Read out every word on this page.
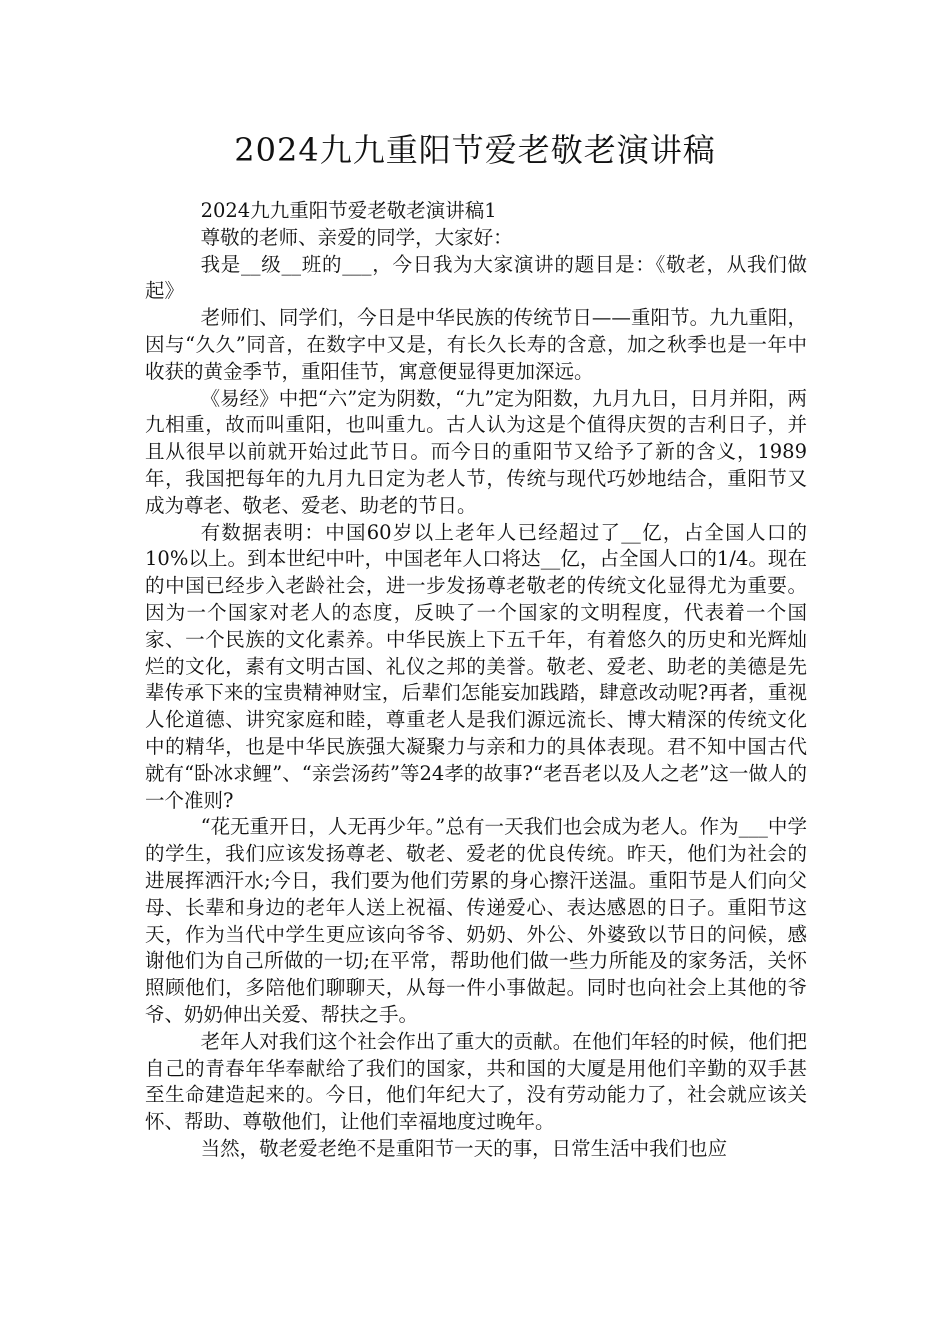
2024九九重阳节爱老敬老演讲稿

2024九九重阳节爱老敬老演讲稿1

尊敬的老师、亲爱的同学，大家好：

我是__级__班的___，今日我为大家演讲的题目是：《敬老，从我们做起》

老师们、同学们，今日是中华民族的传统节日——重阳节。九九重阳，因与“久久”同音，在数字中又是，有长久长寿的含意，加之秋季也是一年中收获的黄金季节，重阳佳节，寓意便显得更加深远。

《易经》中把“六”定为阴数，“九”定为阳数，九月九日，日月并阳，两九相重，故而叫重阳，也叫重九。古人认为这是个值得庆贺的吉利日子，并且从很早以前就开始过此节日。而今日的重阳节又给予了新的含义，1989年，我国把每年的九月九日定为老人节，传统与现代巧妙地结合，重阳节又成为尊老、敬老、爱老、助老的节日。

有数据表明：中国60岁以上老年人已经超过了__亿，占全国人口的10%以上。到本世纪中叶，中国老年人口将达__亿，占全国人口的1/4。现在的中国已经步入老龄社会，进一步发扬尊老敬老的传统文化显得尤为重要。因为一个国家对老人的态度，反映了一个国家的文明程度，代表着一个国家、一个民族的文化素养。中华民族上下五千年，有着悠久的历史和光辉灿烂的文化，素有文明古国、礼仪之邦的美誉。敬老、爱老、助老的美德是先辈传承下来的宝贵精神财宝，后辈们怎能妄加践踏，肆意改动呢?再者，重视人伦道德、讲究家庭和睦，尊重老人是我们源远流长、博大精深的传统文化中的精华，也是中华民族强大凝聚力与亲和力的具体表现。君不知中国古代就有“卧冰求鲤”、“亲尝汤药”等24孝的故事?“老吾老以及人之老”这一做人的一个准则?

“花无重开日，人无再少年。”总有一天我们也会成为老人。作为___中学的学生，我们应该发扬尊老、敬老、爱老的优良传统。昨天，他们为社会的进展挥洒汗水;今日，我们要为他们劳累的身心擦汗送温。重阳节是人们向父母、长辈和身边的老年人送上祝福、传递爱心、表达感恩的日子。重阳节这天，作为当代中学生更应该向爷爷、奶奶、外公、外婆致以节日的问候，感谢他们为自己所做的一切;在平常，帮助他们做一些力所能及的家务活，关怀照顾他们，多陪他们聊聊天，从每一件小事做起。同时也向社会上其他的爷爷、奶奶伸出关爱、帮扶之手。

老年人对我们这个社会作出了重大的贡献。在他们年轻的时候，他们把自己的青春年华奉献给了我们的国家，共和国的大厦是用他们辛勤的双手甚至生命建造起来的。今日，他们年纪大了，没有劳动能力了，社会就应该关怀、帮助、尊敬他们，让他们幸福地度过晚年。

当然，敬老爱老绝不是重阳节一天的事，日常生活中我们也应
